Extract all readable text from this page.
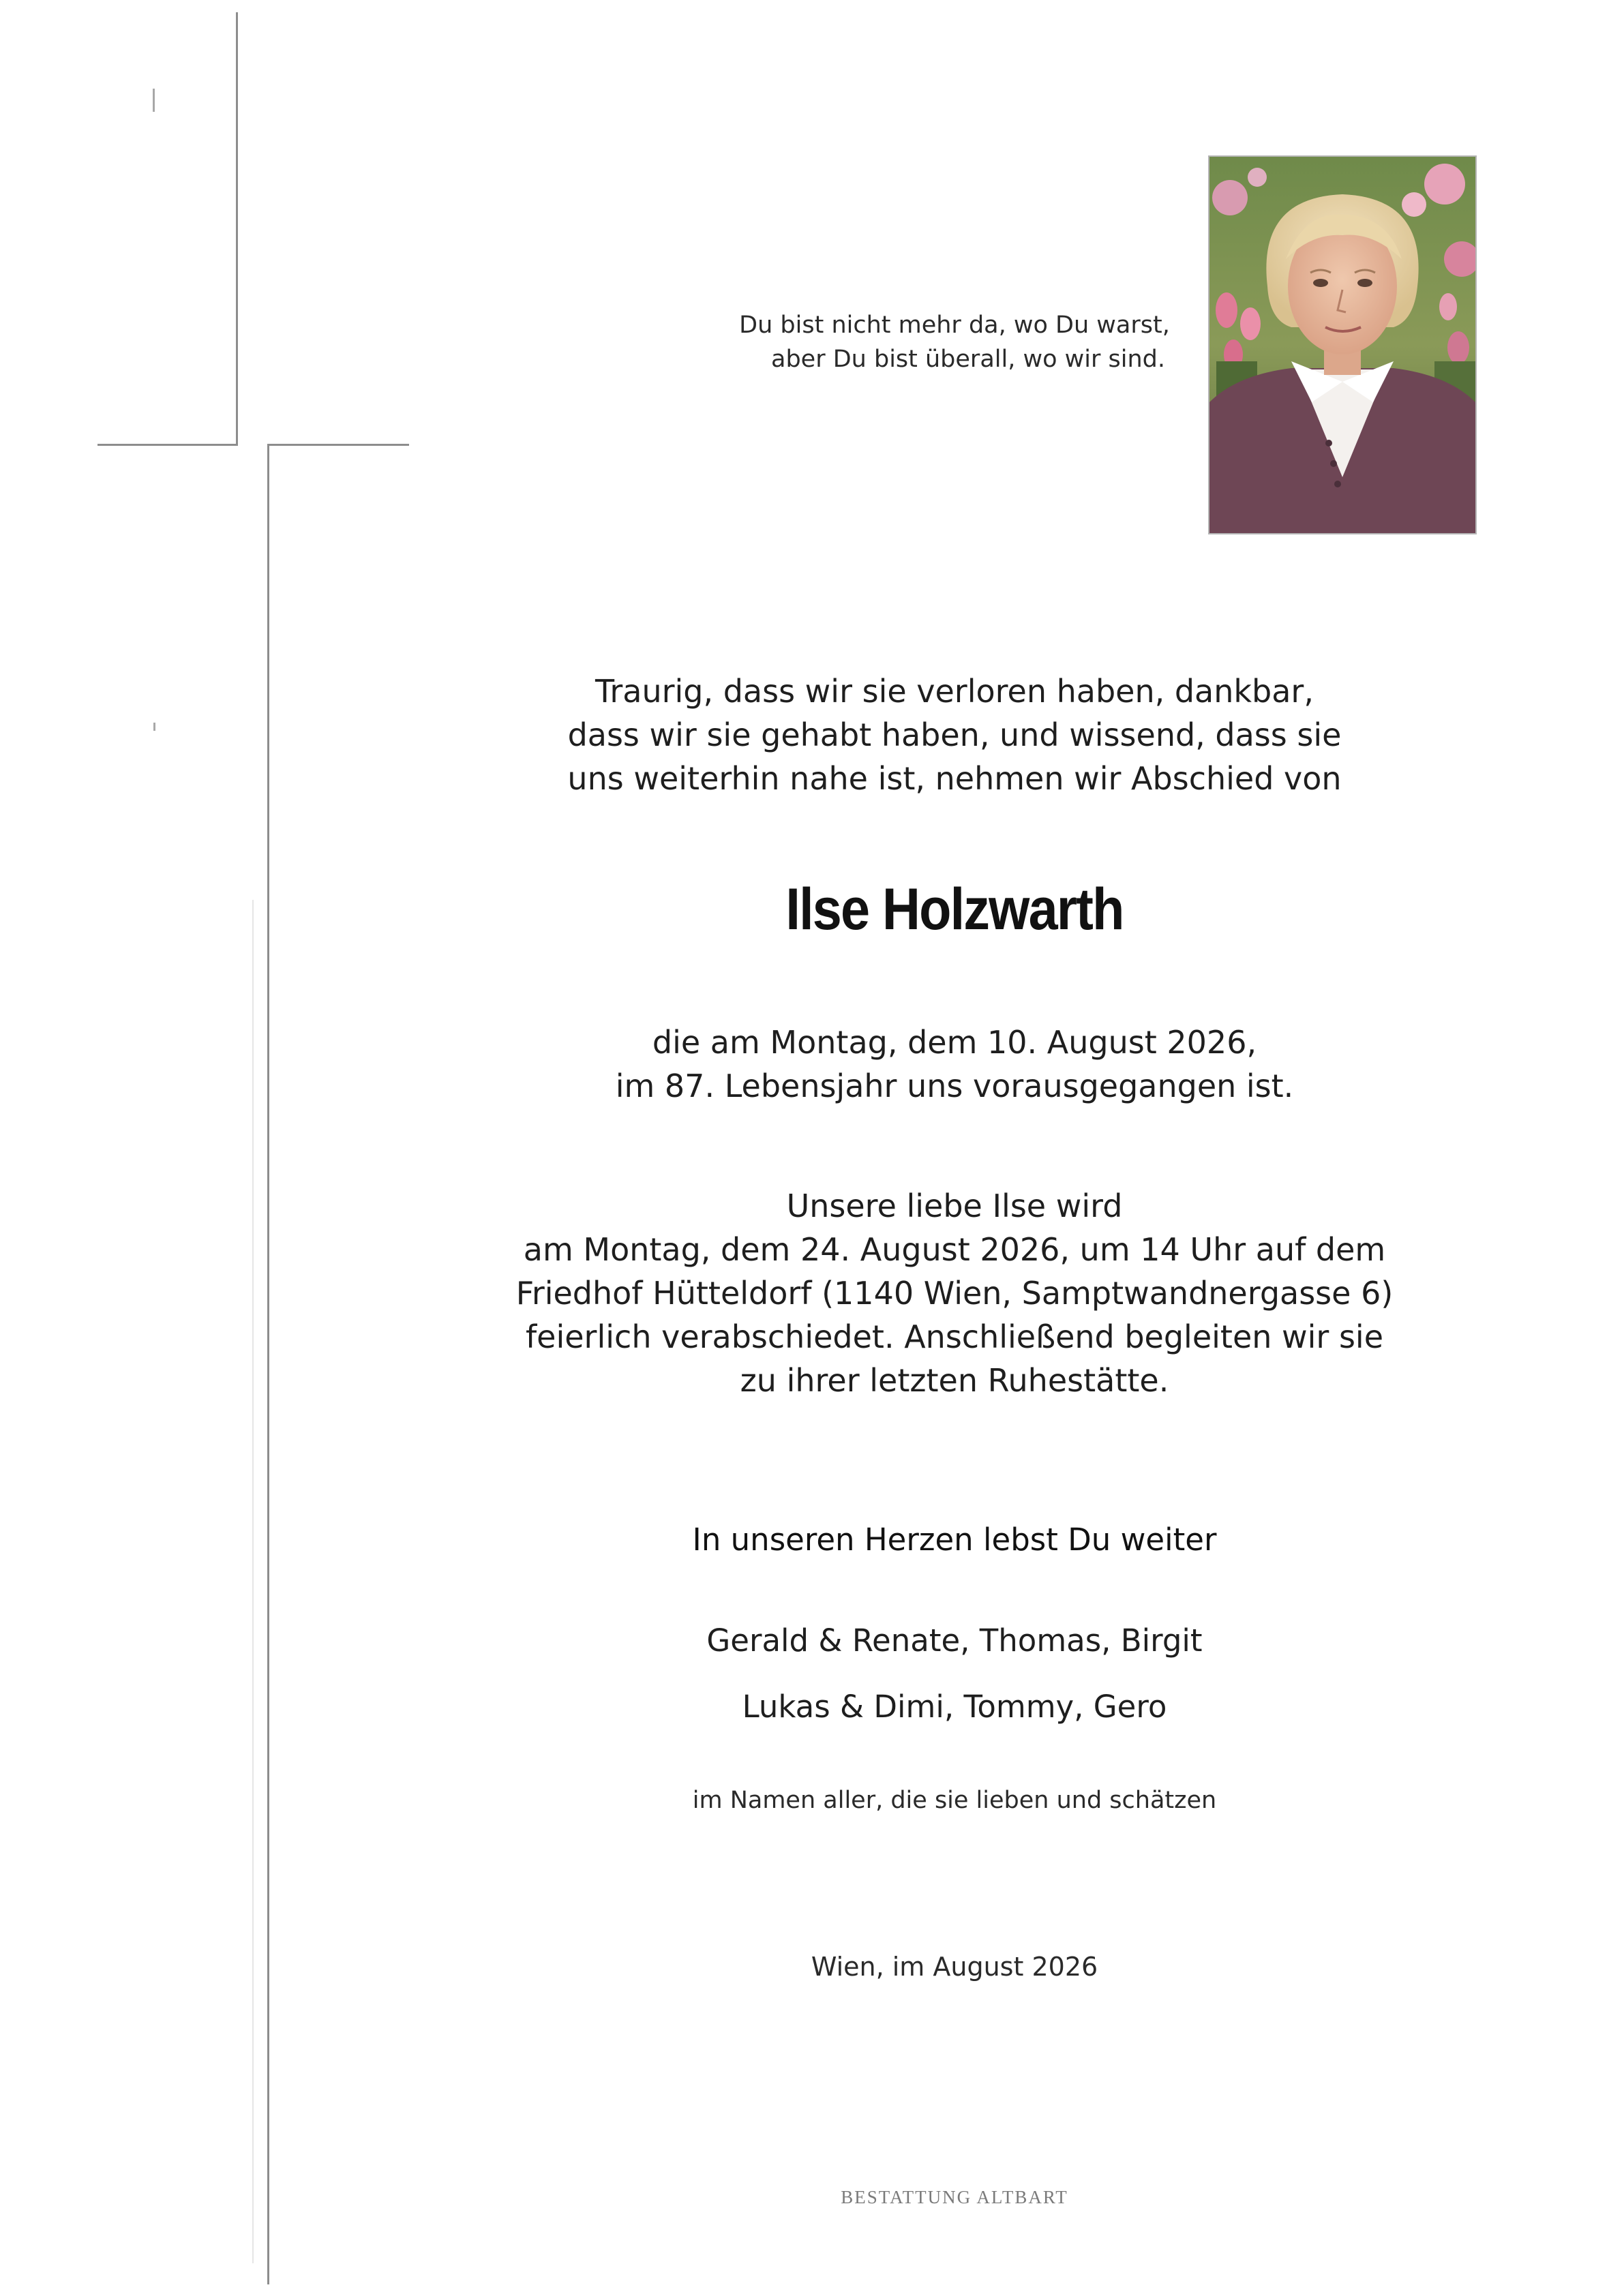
Du bist nicht mehr da, wo Du warst,
aber Du bist überall, wo wir sind.

Traurig, dass wir sie verloren haben, dankbar,
dass wir sie gehabt haben, und wissend, dass sie
uns weiterhin nahe ist, nehmen wir Abschied von

Ilse Holzwarth

die am Montag, dem 10. August 2026,
im 87. Lebensjahr uns vorausgegangen ist.

Unsere liebe Ilse wird
am Montag, dem 24. August 2026, um 14 Uhr auf dem
Friedhof Hütteldorf (1140 Wien, Samptwandnergasse 6)
feierlich verabschiedet. Anschließend begleiten wir sie
zu ihrer letzten Ruhestätte.

In unseren Herzen lebst Du weiter

Gerald & Renate, Thomas, Birgit

Lukas & Dimi, Tommy, Gero

im Namen aller, die sie lieben und schätzen

Wien, im August 2026

BESTATTUNG ALTBART
